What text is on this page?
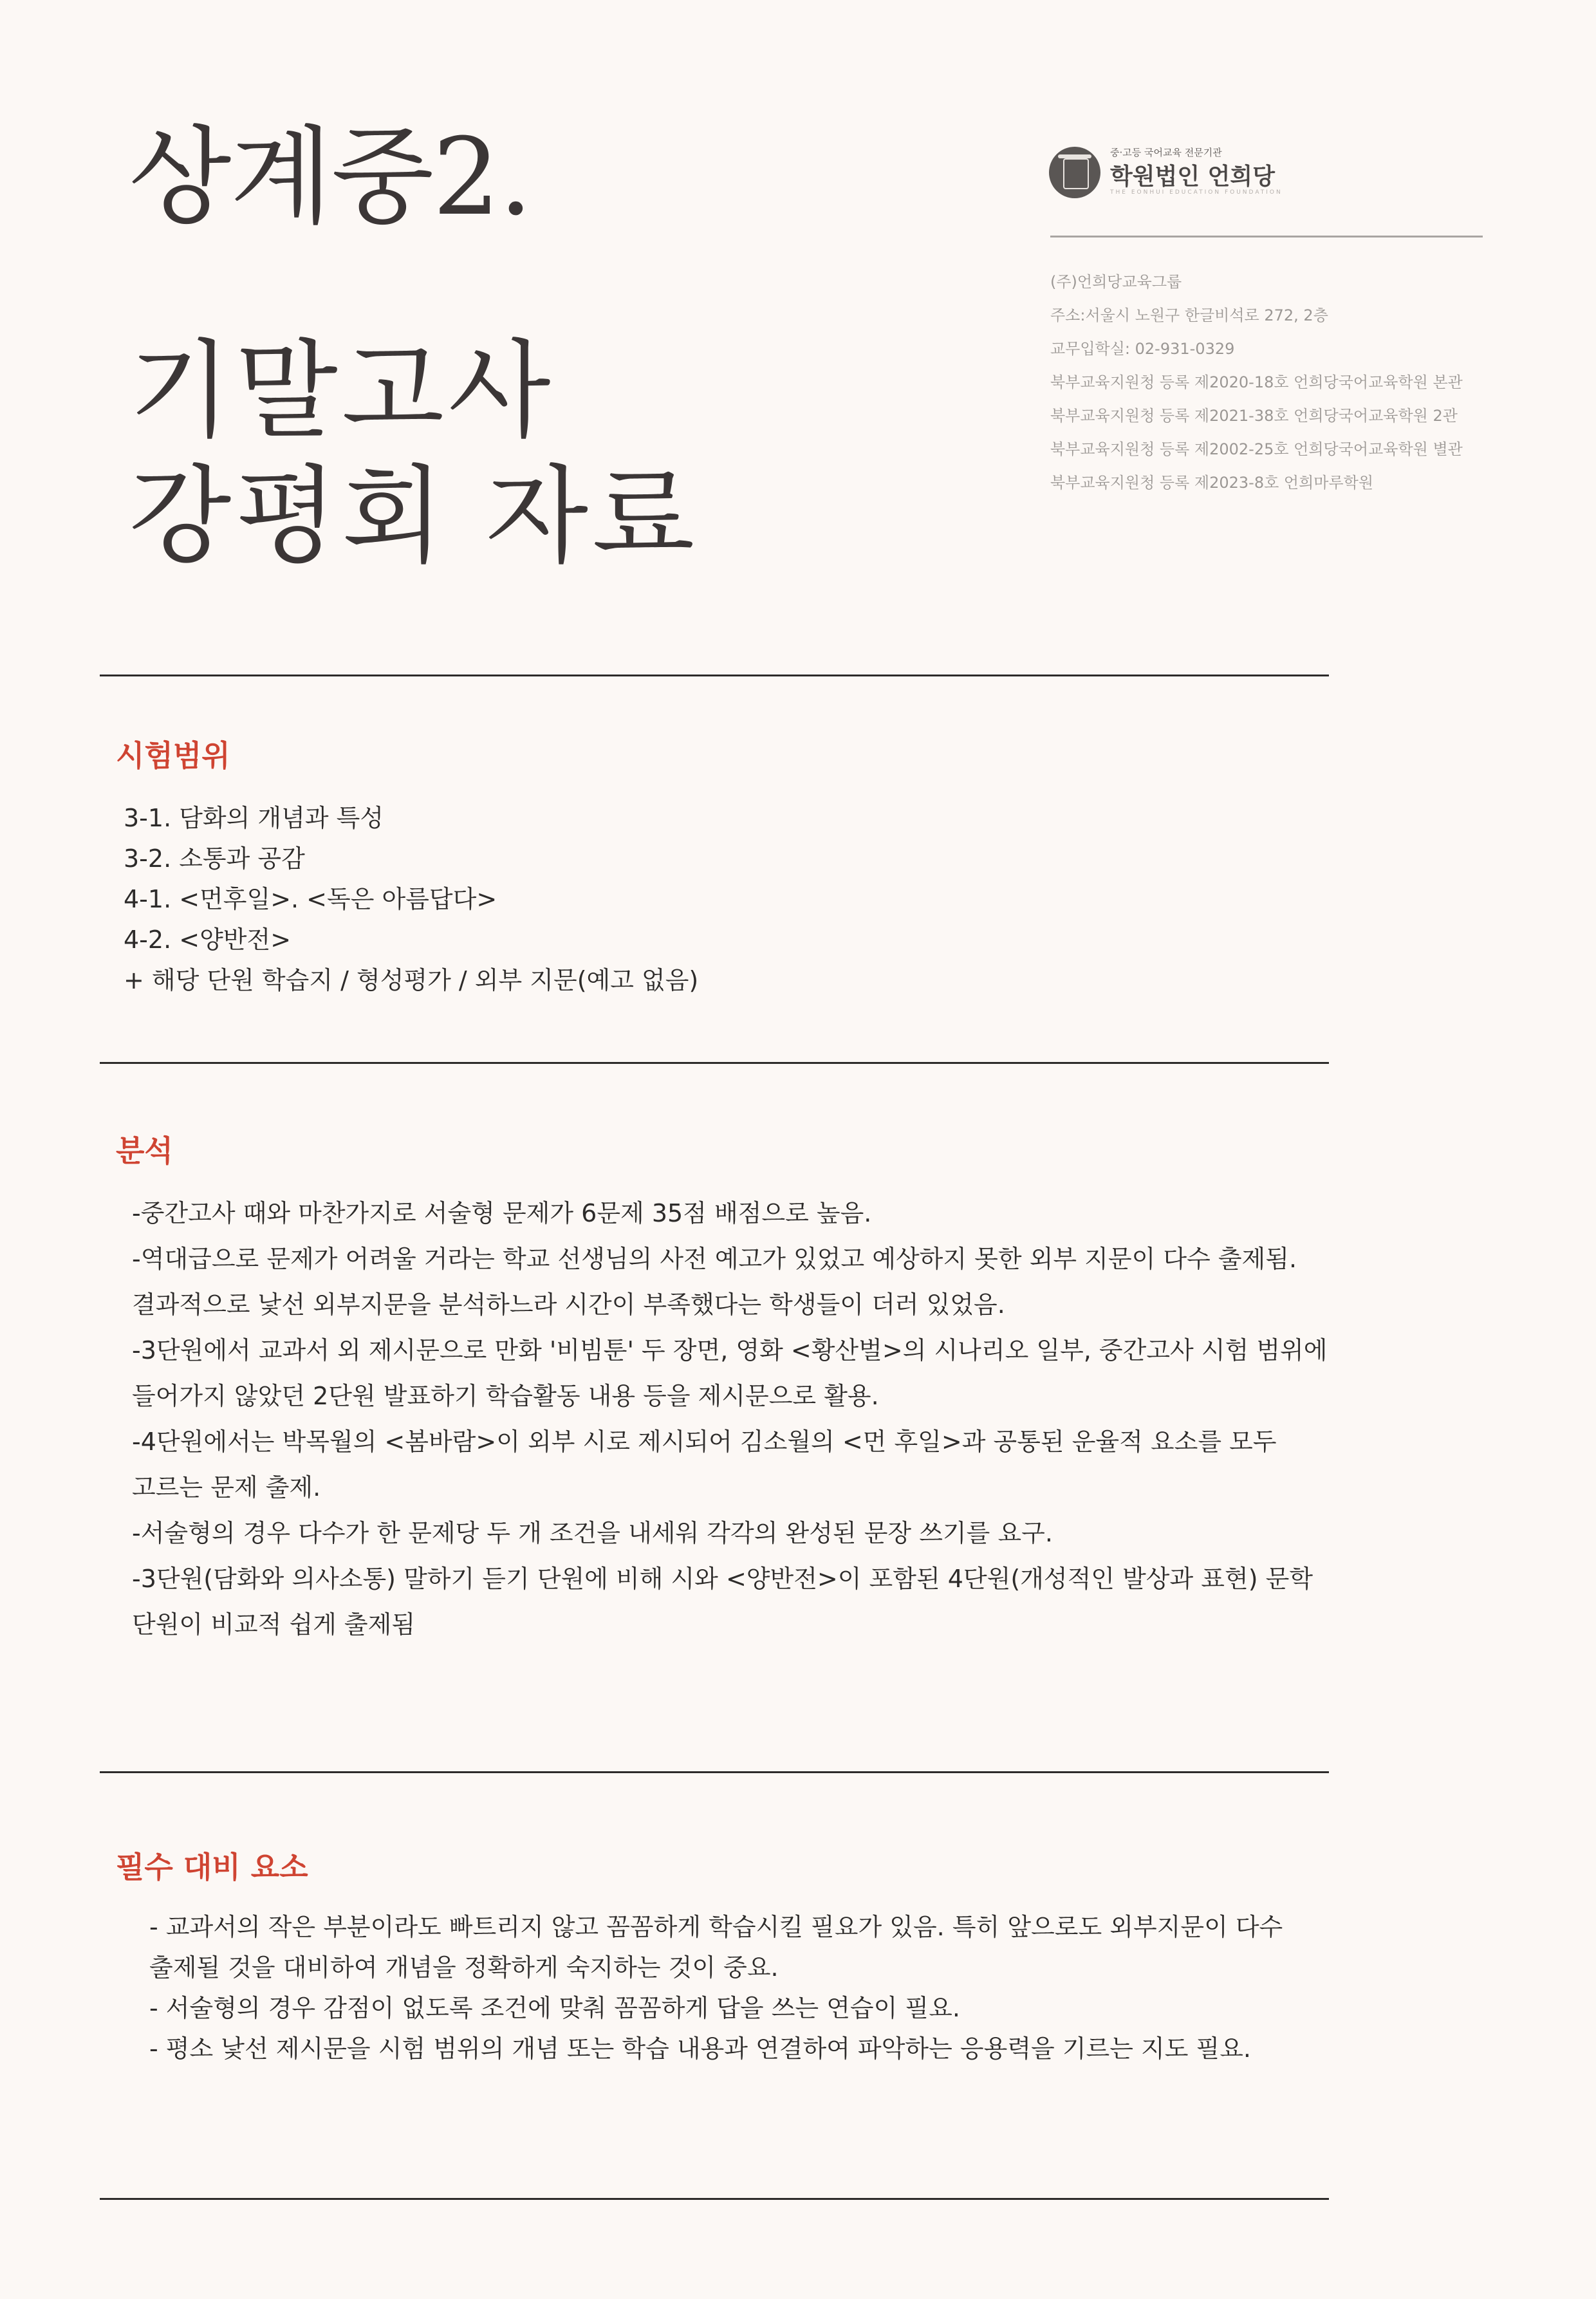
상계중2.
기말고사
강평회 자료
중·고등 국어교육 전문기관
학원법인 언희당
THE EONHUI EDUCATION FOUNDATION
(주)언희당교육그룹
주소:서울시 노원구 한글비석로 272, 2층
교무입학실: 02-931-0329
북부교육지원청 등록 제2020-18호 언희당국어교육학원 본관
북부교육지원청 등록 제2021-38호 언희당국어교육학원 2관
북부교육지원청 등록 제2002-25호 언희당국어교육학원 별관
북부교육지원청 등록 제2023-8호 언희마루학원
시험범위
3-1. 담화의 개념과 특성
3-2. 소통과 공감
4-1. <먼후일>. <독은 아름답다>
4-2. <양반전>
+ 해당 단원 학습지 / 형성평가 / 외부 지문(예고 없음)
분석
-중간고사 때와 마찬가지로 서술형 문제가 6문제 35점 배점으로 높음.
-역대급으로 문제가 어려울 거라는 학교 선생님의 사전 예고가 있었고 예상하지 못한 외부 지문이 다수 출제됨.
결과적으로 낯선 외부지문을 분석하느라 시간이 부족했다는 학생들이 더러 있었음.
-3단원에서 교과서 외 제시문으로 만화 '비빔툰' 두 장면, 영화 <황산벌>의 시나리오 일부, 중간고사 시험 범위에
들어가지 않았던 2단원 발표하기 학습활동 내용 등을 제시문으로 활용.
-4단원에서는 박목월의 <봄바람>이 외부 시로 제시되어 김소월의 <먼 후일>과 공통된 운율적 요소를 모두
고르는 문제 출제.
-서술형의 경우 다수가 한 문제당 두 개 조건을 내세워 각각의 완성된 문장 쓰기를 요구.
-3단원(담화와 의사소통) 말하기 듣기 단원에 비해 시와 <양반전>이 포함된 4단원(개성적인 발상과 표현) 문학
단원이 비교적 쉽게 출제됨
필수 대비 요소
- 교과서의 작은 부분이라도 빠트리지 않고 꼼꼼하게 학습시킬 필요가 있음. 특히 앞으로도 외부지문이 다수
출제될 것을 대비하여 개념을 정확하게 숙지하는 것이 중요.
- 서술형의 경우 감점이 없도록 조건에 맞춰 꼼꼼하게 답을 쓰는 연습이 필요.
- 평소 낯선 제시문을 시험 범위의 개념 또는 학습 내용과 연결하여 파악하는 응용력을 기르는 지도 필요.
